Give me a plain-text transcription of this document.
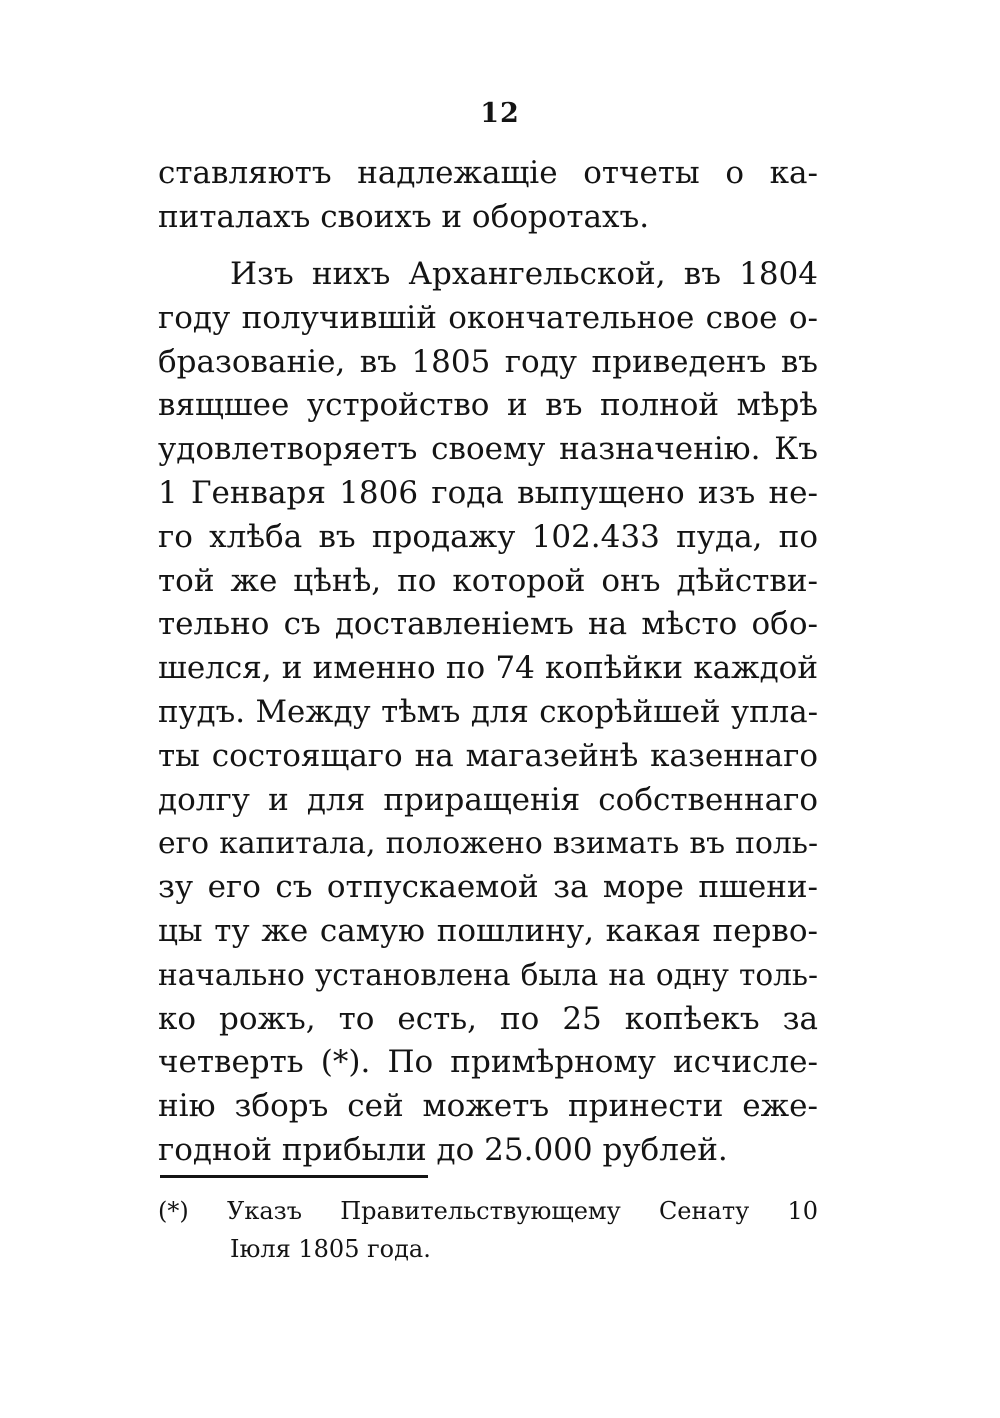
12
ставляютъ надлежащіе отчеты о ка-
питалахъ своихъ и оборотахъ.
Изъ нихъ Архангельской, въ 1804
году получившій окончательное свое о-
бразованіе, въ 1805 году приведенъ въ
вящшее устройство и въ полной мѣрѣ
удовлетворяетъ своему назначенію. Къ
1 Генваря 1806 года выпущено изъ не-
го хлѣба въ продажу 102.433 пуда, по
той же цѣнѣ, по которой онъ дѣйстви-
тельно съ доставленіемъ на мѣсто обо-
шелся, и именно по 74 копѣйки каждой
пудъ. Между тѣмъ для скорѣйшей упла-
ты состоящаго на магазейнѣ казеннаго
долгу и для приращенія собственнаго
его капитала, положено взимать въ поль-
зу его съ отпускаемой за море пшени-
цы ту же самую пошлину, какая перво-
начально установлена была на одну толь-
ко рожъ, то есть, по 25 копѣекъ за
четверть (*). По примѣрному исчисле-
нію зборъ сей можетъ принести ежe-
годной прибыли до 25.000 рублей.
(*) Указъ Правительствующему Сенату 10
Іюля 1805 года.
